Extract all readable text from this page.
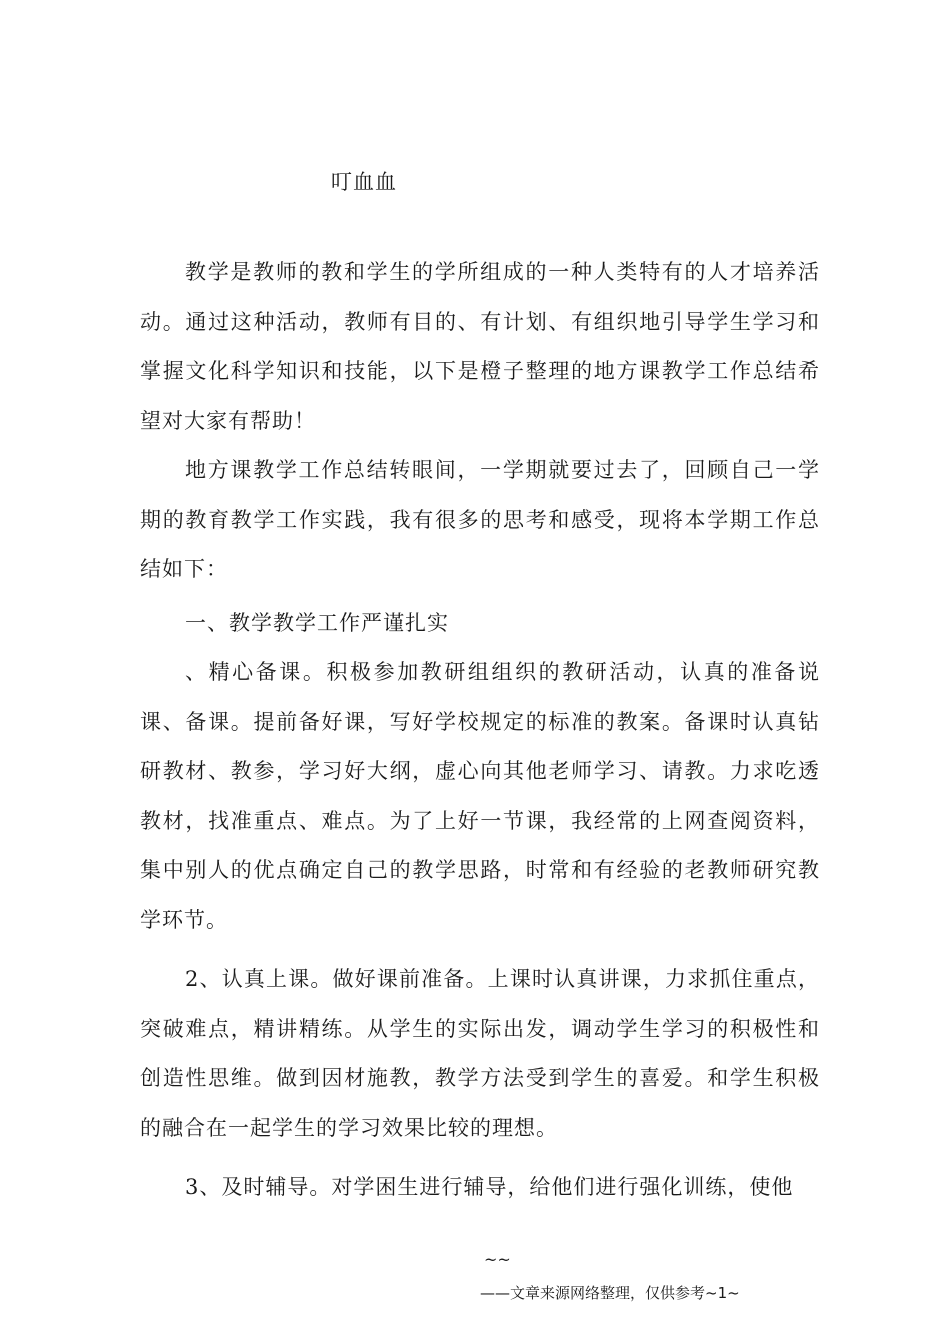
叮血血

教学是教师的教和学生的学所组成的一种人类特有的人才培养活动。通过这种活动，教师有目的、有计划、有组织地引导学生学习和掌握文化科学知识和技能，以下是橙子整理的地方课教学工作总结希望对大家有帮助！

地方课教学工作总结转眼间，一学期就要过去了，回顾自己一学期的教育教学工作实践，我有很多的思考和感受，现将本学期工作总结如下：

一、教学教学工作严谨扎实

、精心备课。积极参加教研组组织的教研活动，认真的准备说课、备课。提前备好课，写好学校规定的标准的教案。备课时认真钻研教材、教参，学习好大纲，虚心向其他老师学习、请教。力求吃透教材，找准重点、难点。为了上好一节课，我经常的上网查阅资料，集中别人的优点确定自己的教学思路，时常和有经验的老教师研究教学环节。

2、认真上课。做好课前准备。上课时认真讲课，力求抓住重点，突破难点，精讲精练。从学生的实际出发，调动学生学习的积极性和创造性思维。做到因材施教，教学方法受到学生的喜爱。和学生积极的融合在一起学生的学习效果比较的理想。

3、及时辅导。对学困生进行辅导，给他们进行强化训练，使他

~~
——文章来源网络整理，仅供参考~1~
